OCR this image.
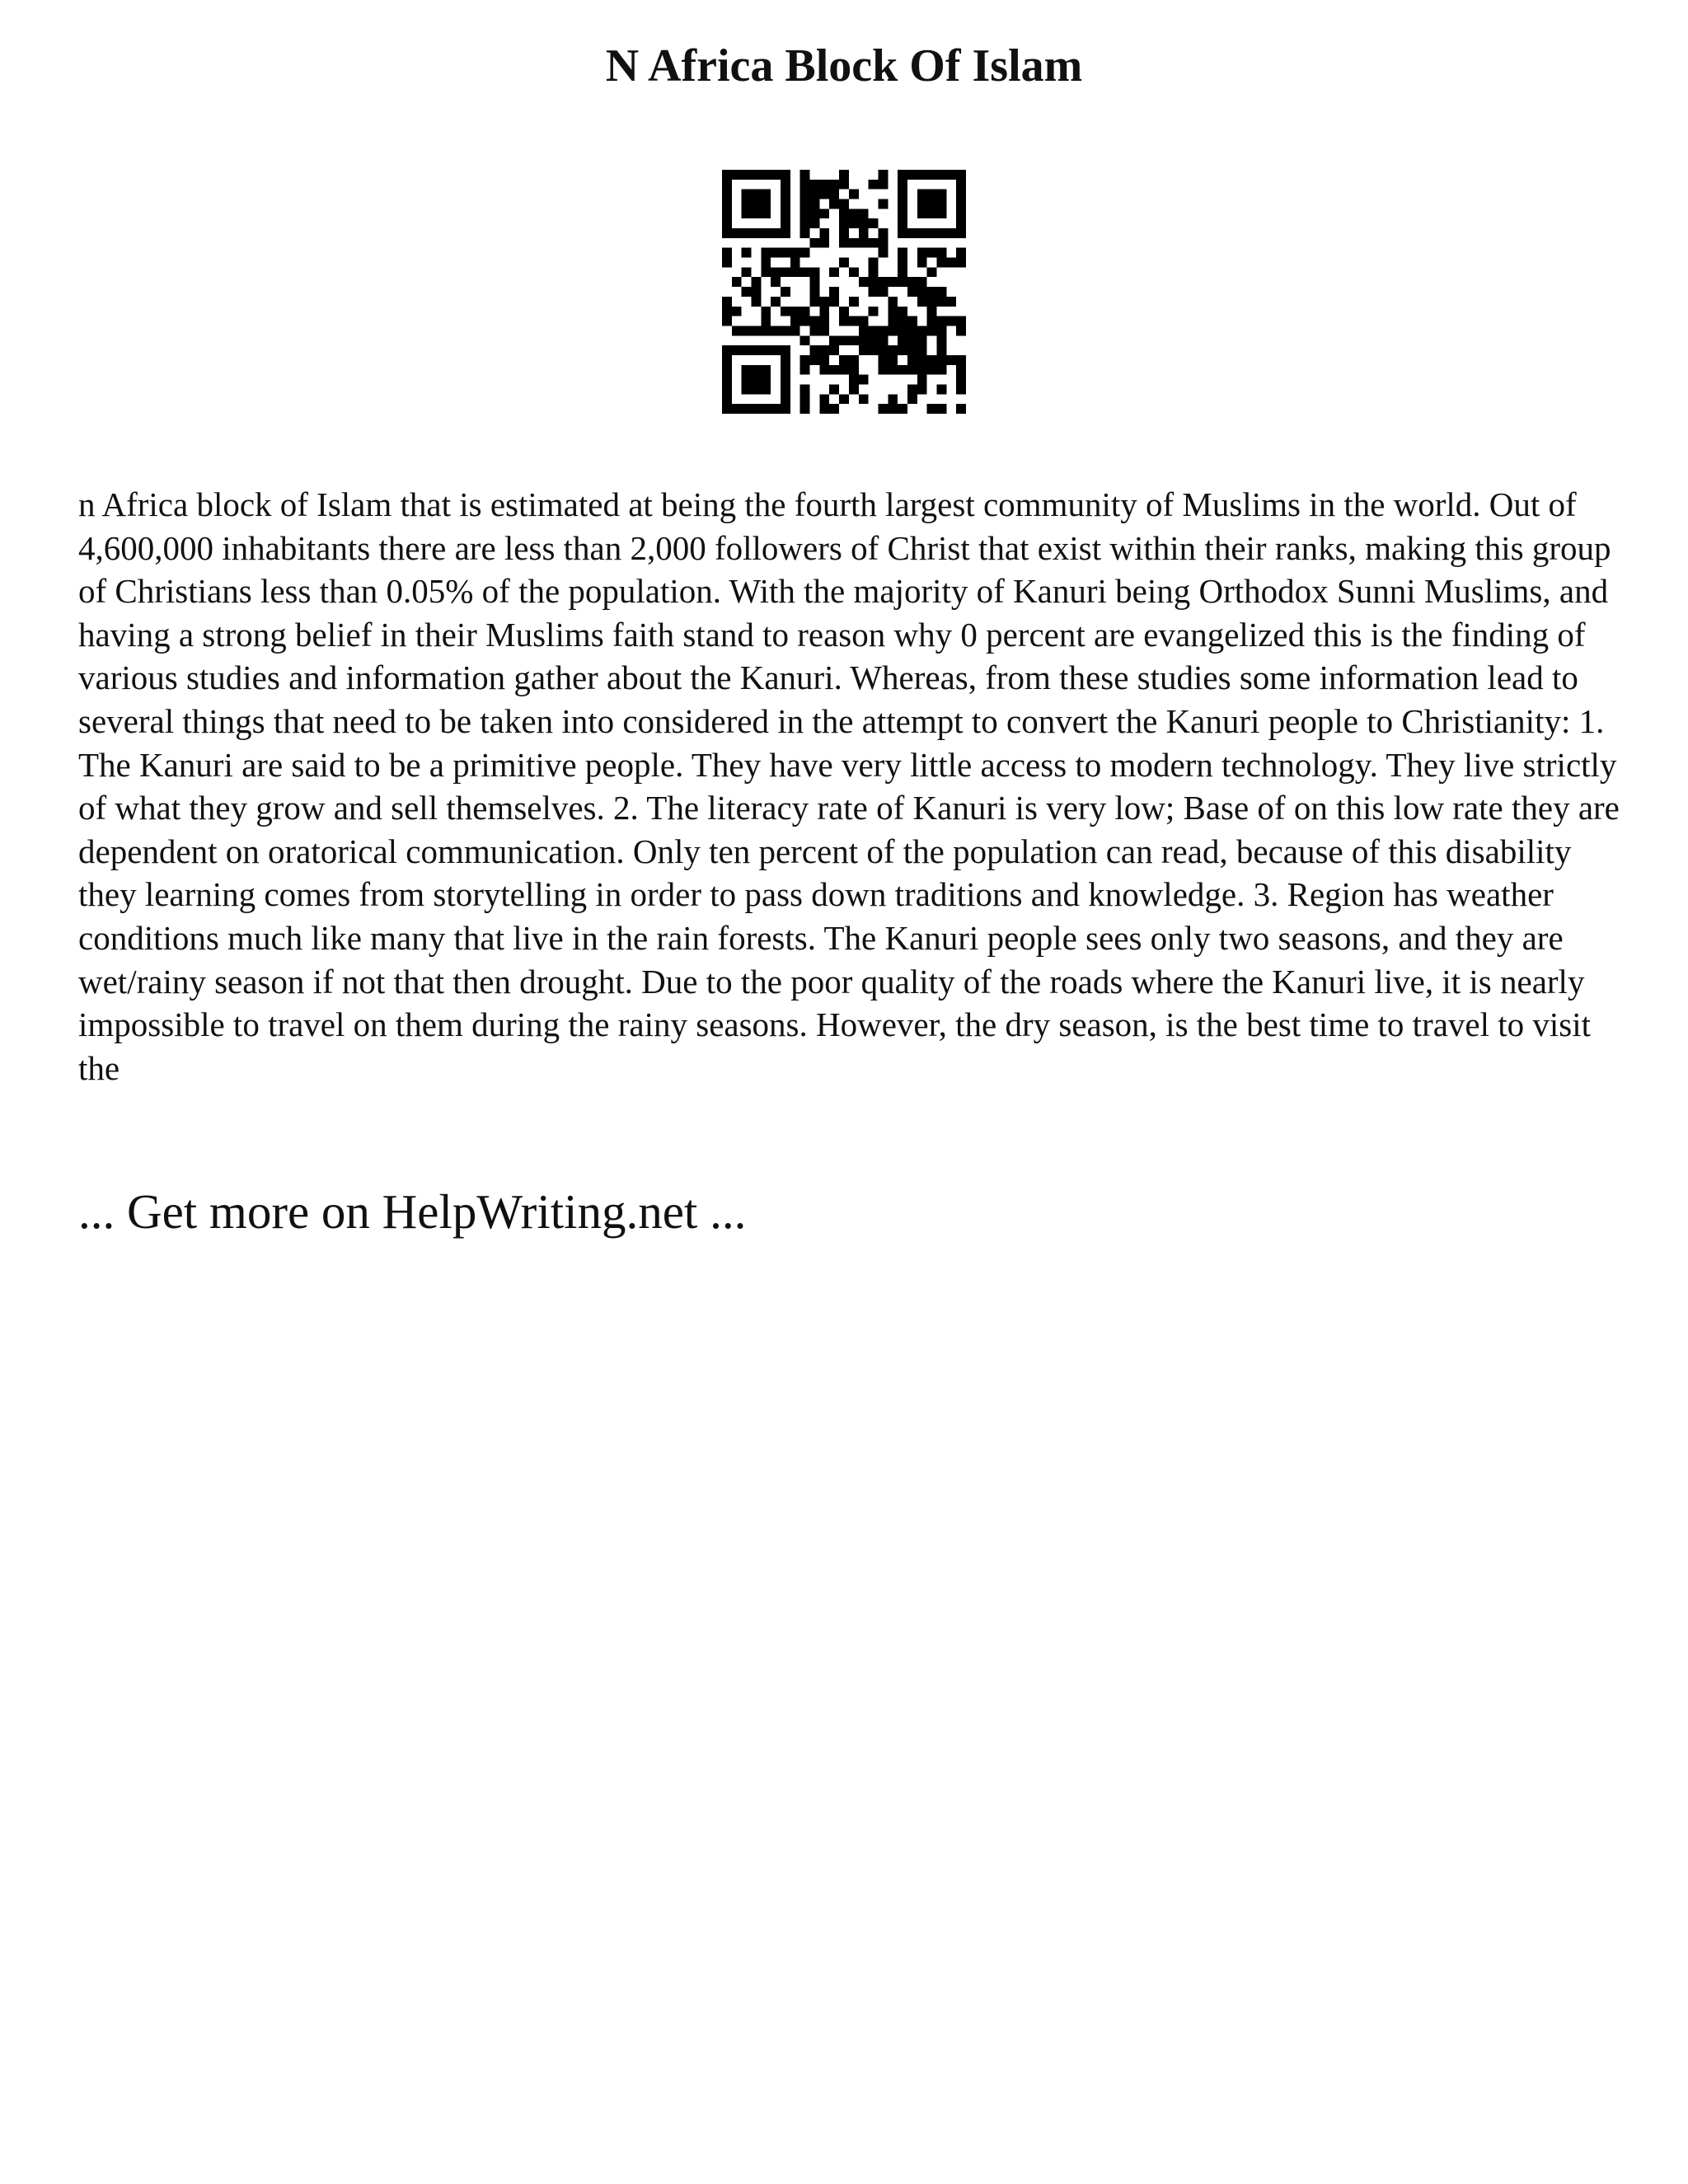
N Africa Block Of Islam

n Africa block of Islam that is estimated at being the fourth largest community of Muslims in the world. Out of 4,600,000 inhabitants there are less than 2,000 followers of Christ that exist within their ranks, making this group of Christians less than 0.05% of the population. With the majority of Kanuri being Orthodox Sunni Muslims, and having a strong belief in their Muslims faith stand to reason why 0 percent are evangelized this is the finding of various studies and information gather about the Kanuri. Whereas, from these studies some information lead to several things that need to be taken into considered in the attempt to convert the Kanuri people to Christianity: 1. The Kanuri are said to be a primitive people. They have very little access to modern technology. They live strictly of what they grow and sell themselves. 2. The literacy rate of Kanuri is very low; Base of on this low rate they are dependent on oratorical communication. Only ten percent of the population can read, because of this disability they learning comes from storytelling in order to pass down traditions and knowledge. 3. Region has weather conditions much like many that live in the rain forests. The Kanuri people sees only two seasons, and they are wet/rainy season if not that then drought. Due to the poor quality of the roads where the Kanuri live, it is nearly impossible to travel on them during the rainy seasons. However, the dry season, is the best time to travel to visit the

... Get more on HelpWriting.net ...
